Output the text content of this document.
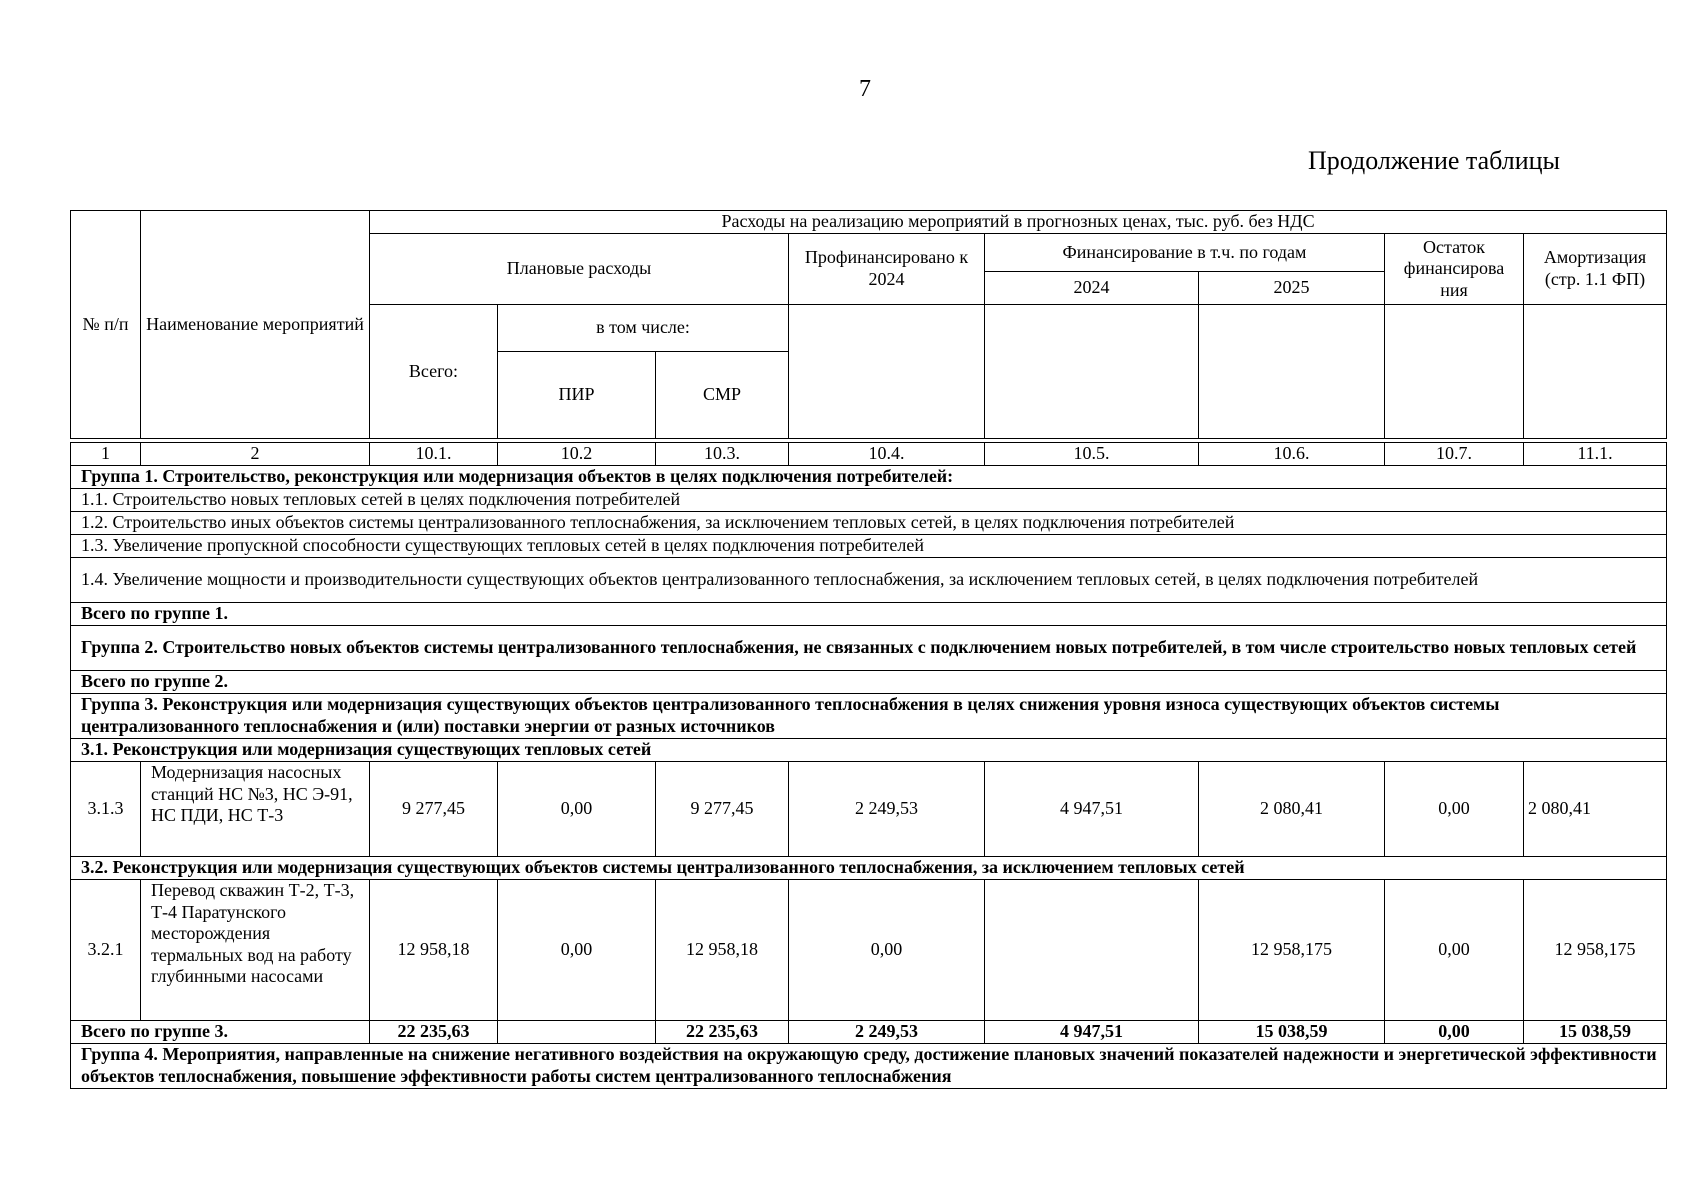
7
Продолжение таблицы
№ п/п	Наименование мероприятий	Расходы на реализацию мероприятий в прогнозных ценах, тыс. руб. без НДС							
		Плановые расходы			Профинансировано к 2024	Финансирование в т.ч. по годам		Остаток финансирова ния	Амортизация (стр. 1.1 ФП)
						2024	2025		
		Всего:	в том числе:						
			ПИР	СМР					

1	2	10.1.	10.2	10.3.	10.4.	10.5.	10.6.	10.7.	11.1.
Группа 1. Строительство, реконструкция или модернизация объектов в целях подключения потребителей:									
1.1. Строительство новых тепловых сетей в целях подключения потребителей									
1.2. Строительство иных объектов системы централизованного теплоснабжения, за исключением тепловых сетей, в целях подключения потребителей									
1.3. Увеличение пропускной способности существующих тепловых сетей в целях подключения потребителей									
1.4. Увеличение мощности и производительности существующих объектов централизованного теплоснабжения, за исключением тепловых сетей, в целях подключения потребителей									
Всего по группе 1.									
Группа 2. Строительство новых объектов системы централизованного теплоснабжения, не связанных с подключением новых потребителей, в том числе строительство новых тепловых сетей									
Всего по группе 2.									
Группа 3. Реконструкция или модернизация существующих объектов централизованного теплоснабжения в целях снижения уровня износа существующих объектов системы централизованного теплоснабжения и (или) поставки энергии от разных источников									
3.1. Реконструкция или модернизация существующих тепловых сетей									
3.1.3	Модернизация насосных станций НС №3, НС Э-91, НС ПДИ, НС Т-3	9 277,45	0,00	9 277,45	2 249,53	4 947,51	2 080,41	0,00	2 080,41
3.2. Реконструкция или модернизация существующих объектов системы централизованного теплоснабжения, за исключением тепловых сетей									
3.2.1	Перевод скважин Т-2, Т-3, Т-4 Паратунского месторождения термальных вод на работу глубинными насосами	12 958,18	0,00	12 958,18	0,00		12 958,175	0,00	12 958,175
Всего по группе 3.		22 235,63		22 235,63	2 249,53	4 947,51	15 038,59	0,00	15 038,59
Группа 4. Мероприятия, направленные на снижение негативного воздействия на окружающую среду, достижение плановых значений показателей надежности и энергетической эффективности объектов теплоснабжения, повышение эффективности работы систем централизованного теплоснабжения									
